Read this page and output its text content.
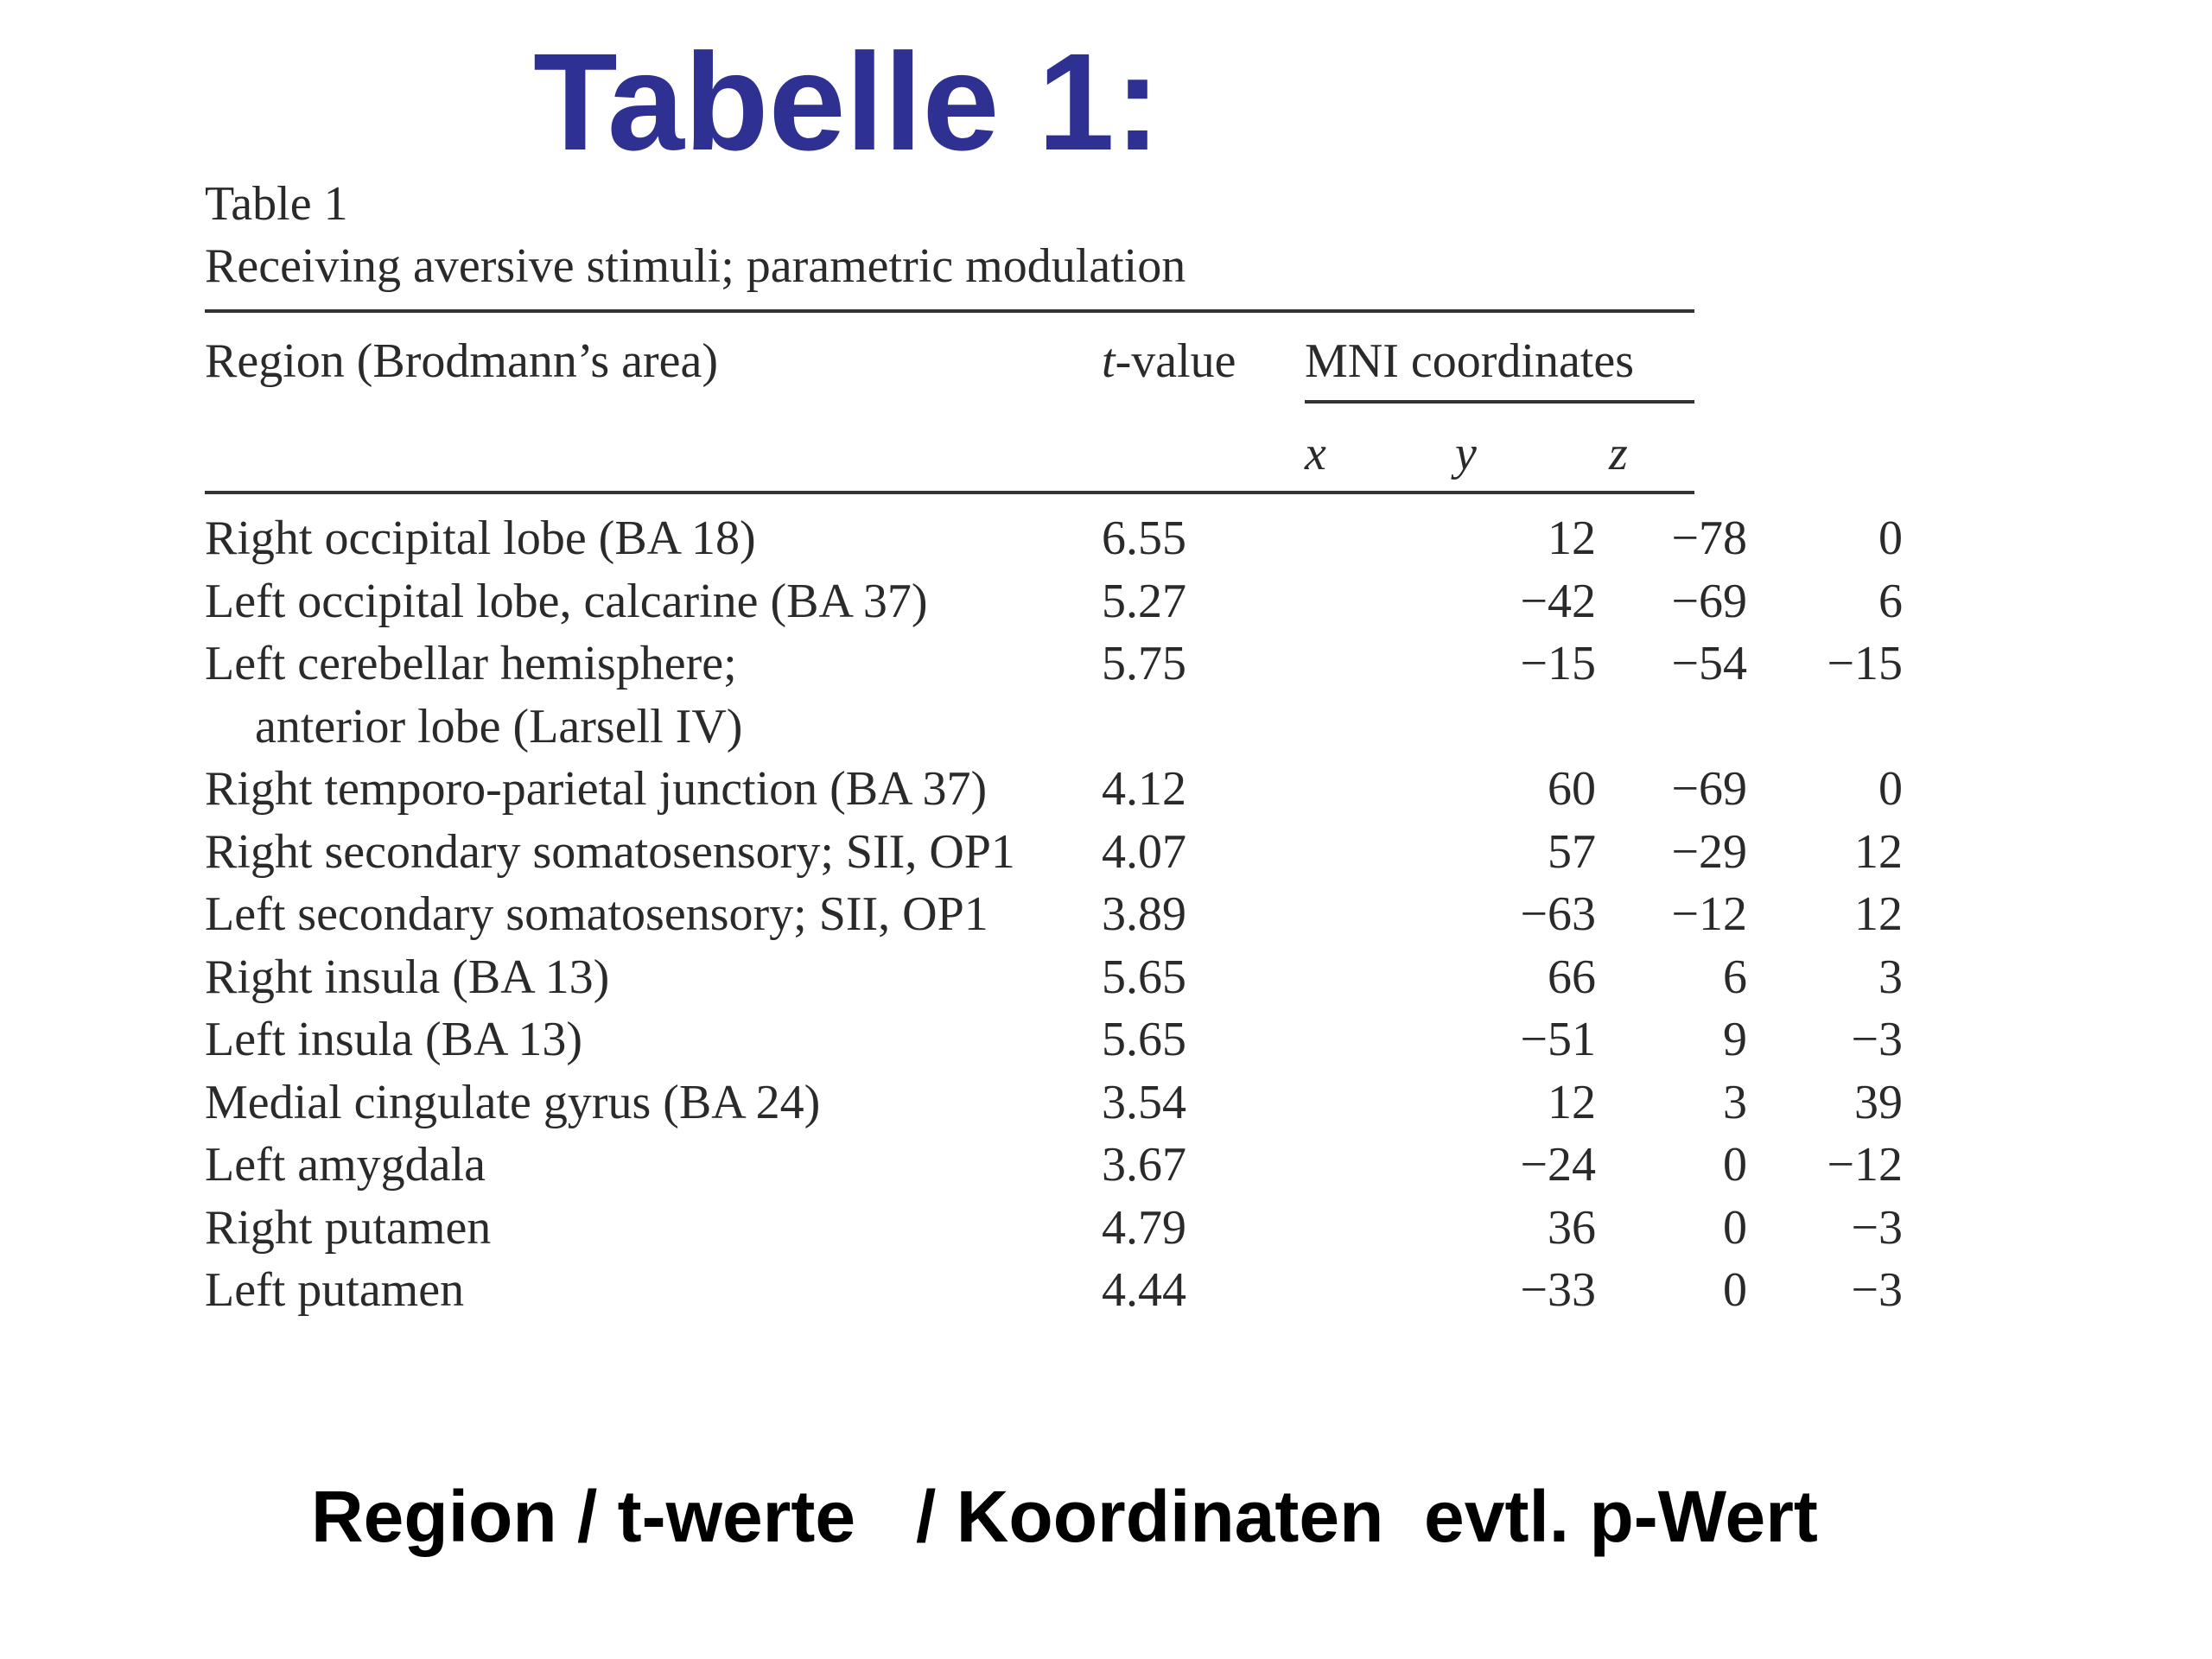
Tabelle 1:
Table 1
Receiving aversive stimuli; parametric modulation
Region (Brodmann’s area)	t-value MNI coordinates
x	y	z
Right occipital lobe (BA 18)	6.55	12	−78	0
Left occipital lobe, calcarine (BA 37)	5.27	−42	−69	6
Left cerebellar hemisphere;	5.75	−15	−54	−15
anterior lobe (Larsell IV)
Right temporo-parietal junction (BA 37) 4.12	60	−69	0
Right secondary somatosensory; SII, OP1 4.07	57	−29	12
Left secondary somatosensory; SII, OP1 3.89	−63	−12	12
Right insula (BA 13)	5.65	66	6	3
Left insula (BA 13)	5.65	−51	9	−3
Medial cingulate gyrus (BA 24)	3.54	12	3	39
Left amygdala	3.67	−24	0	−12
Right putamen	4.79	36	0	−3
Left putamen	4.44	−33	0	−3

Region / t-werte   / Koordinaten  evtl. p-Wert
